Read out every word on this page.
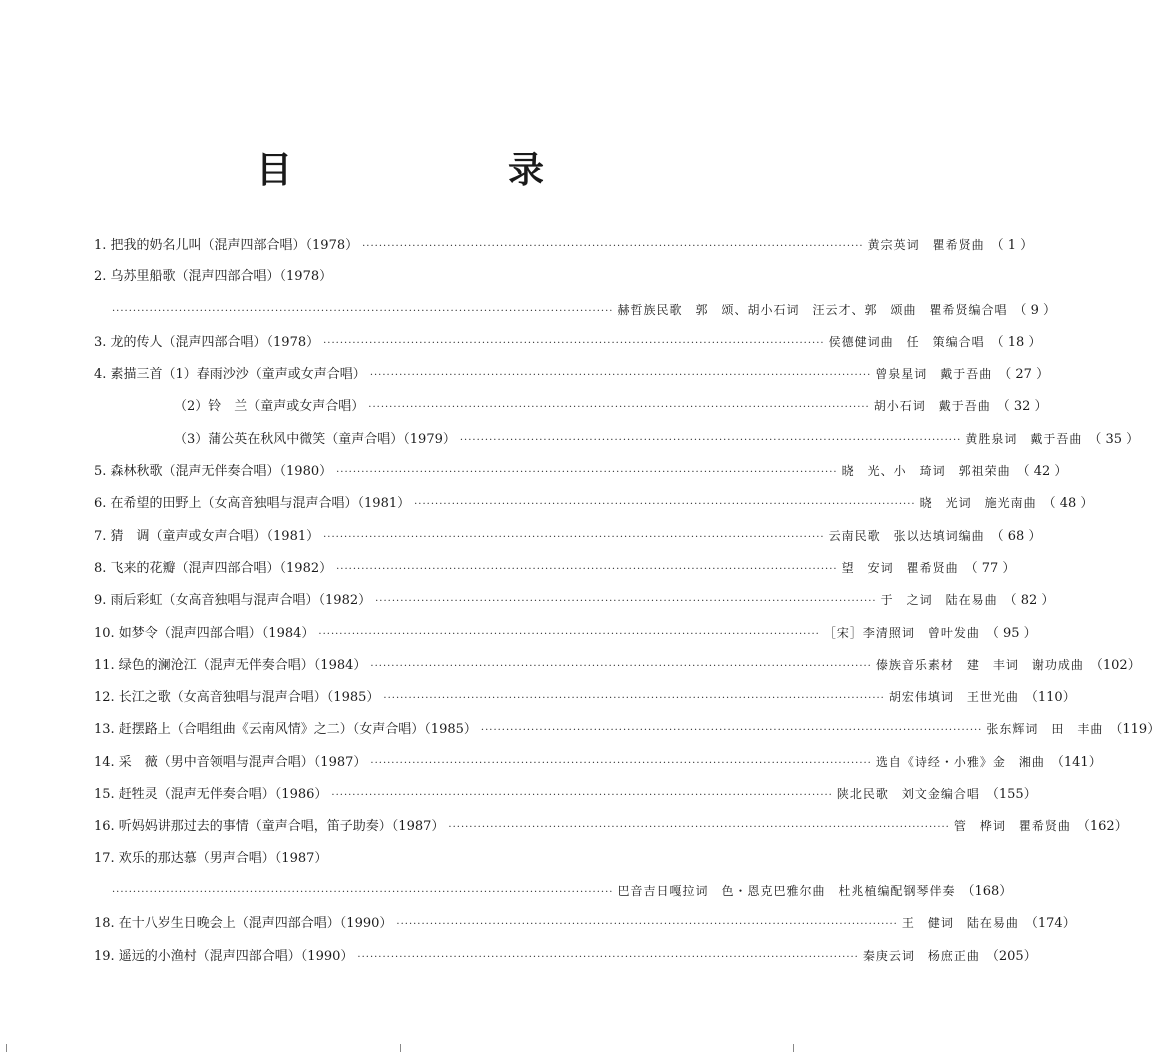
目　录
1. 把我的奶名儿叫（混声四部合唱）（1978） ························································································································ 黄宗英词　瞿希贤曲 （ 1 ）
2. 乌苏里船歌（混声四部合唱）（1978）
························································································································ 赫哲族民歌　郭　颂、胡小石词　汪云才、郭　颂曲　瞿希贤编合唱 （ 9 ）
3. 龙的传人（混声四部合唱）（1978） ························································································································ 侯德健词曲　任　策编合唱 （ 18 ）
4. 素描三首（1）春雨沙沙（童声或女声合唱） ························································································································ 曾泉星词　戴于吾曲 （ 27 ）
（2）铃　兰（童声或女声合唱） ························································································································ 胡小石词　戴于吾曲 （ 32 ）
（3）蒲公英在秋风中微笑（童声合唱）（1979） ························································································································ 黄胜泉词　戴于吾曲 （ 35 ）
5. 森林秋歌（混声无伴奏合唱）（1980） ························································································································ 晓　光、小　琦词　郭祖荣曲 （ 42 ）
6. 在希望的田野上（女高音独唱与混声合唱）（1981） ························································································································ 晓　光词　施光南曲 （ 48 ）
7. 猜　调（童声或女声合唱）（1981） ························································································································ 云南民歌　张以达填词编曲 （ 68 ）
8. 飞来的花瓣（混声四部合唱）（1982） ························································································································ 望　安词　瞿希贤曲 （ 77 ）
9. 雨后彩虹（女高音独唱与混声合唱）（1982） ························································································································ 于　之词　陆在易曲 （ 82 ）
10. 如梦令（混声四部合唱）（1984） ························································································································ ［宋］李清照词　曾叶发曲 （ 95 ）
11. 绿色的澜沧江（混声无伴奏合唱）（1984） ························································································································ 傣族音乐素材　建　丰词　谢功成曲 （102）
12. 长江之歌（女高音独唱与混声合唱）（1985） ························································································································ 胡宏伟填词　王世光曲 （110）
13. 赶摆路上（合唱组曲《云南风情》之二）（女声合唱）（1985） ························································································································ 张东辉词　田　丰曲 （119）
14. 采　薇（男中音领唱与混声合唱）（1987） ························································································································ 选自《诗经・小雅》金　湘曲 （141）
15. 赶牲灵（混声无伴奏合唱）（1986） ························································································································ 陕北民歌　刘文金编合唱 （155）
16. 听妈妈讲那过去的事情（童声合唱，笛子助奏）（1987） ························································································································ 管　桦词　瞿希贤曲 （162）
17. 欢乐的那达慕（男声合唱）（1987）
························································································································ 巴音吉日嘎拉词　色・恩克巴雅尔曲　杜兆植编配钢琴伴奏 （168）
18. 在十八岁生日晚会上（混声四部合唱）（1990） ························································································································ 王　健词　陆在易曲 （174）
19. 遥远的小渔村（混声四部合唱）（1990） ························································································································ 秦庚云词　杨庶正曲 （205）
